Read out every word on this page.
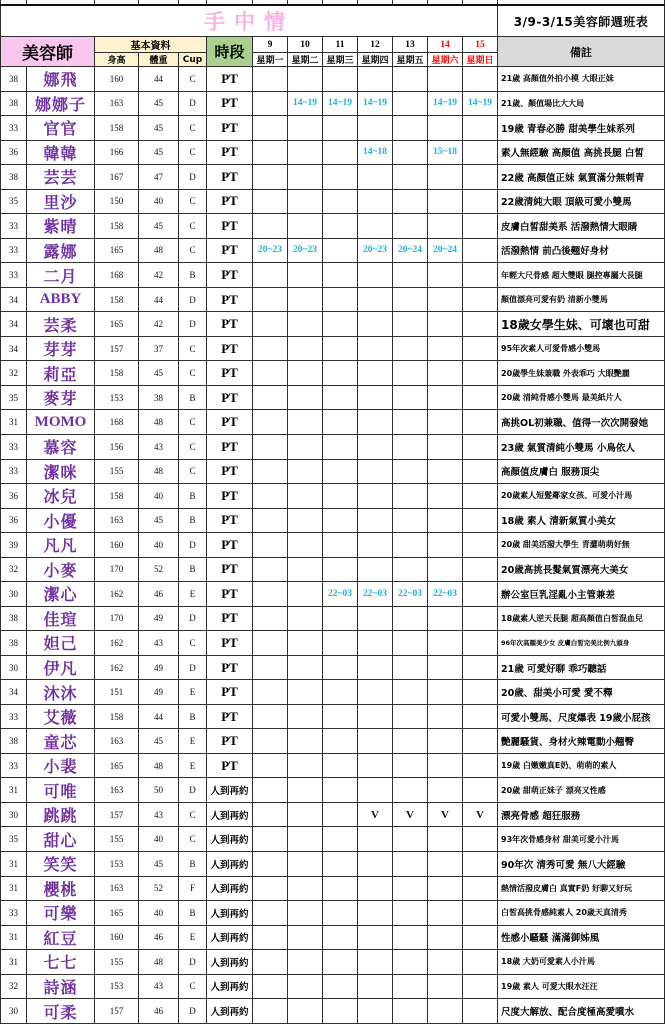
手中情													3/9-3/15美容師週班表
美容師		基本資料			時段	9	10	11	12	13	14	15	備註
		身高	體重	Cup		星期一	星期二	星期三	星期四	星期五	星期六	星期日	
38	娜飛	160	44	C	PT								21歲 高顏值外拍小模 大眼正妹
38	娜娜子	163	45	D	PT		14~19	14~19	14~19		14~19	14~19	21歲、顏值場比大大局
33	官官	158	45	C	PT								19歲 青春必勝 甜美學生妹系列
36	韓韓	166	45	C	PT				14~18		15~18		素人無經驗 高顏值 高挑長腿 白皙
38	芸芸	167	47	D	PT								22歲 高顏值正妹 氣質滿分無刺青
35	里沙	150	40	C	PT								22歲清純大眼 頂級可愛小雙馬
33	紫晴	158	45	C	PT								皮膚白皙甜美系 活潑熱情大眼睛
33	露娜	165	48	C	PT	20~23	20~23		20~23	20~24	20~24		活潑熱情 前凸後翹好身材
33	二月	168	42	B	PT								年輕大尺骨感 超大雙眼 腿控專屬大長腿
34	ABBY	158	44	D	PT								顏值漂亮可愛有奶 清新小雙馬
34	芸柔	165	42	D	PT								18歲女學生妹、可壞也可甜
34	芽芽	157	37	C	PT								95年次素人可愛骨感小雙馬
32	莉亞	158	45	C	PT								20歲學生妹兼職 外表乖巧 大眼艷麗
35	麥芽	153	38	B	PT								20歲 清純骨感小雙馬 最美紙片人
31	MOMO	168	48	C	PT								高挑OL初兼職、值得一次次開發她
33	慕容	156	43	C	PT								23歲 氣質清純小雙馬 小鳥依人
33	潔咪	155	48	C	PT								高顏值皮膚白 服務頂尖
36	冰兒	158	40	B	PT								20歲素人短髮鄰家女孩、可愛小汁馬
36	小優	163	45	B	PT								18歲 素人 清新氣質小美女
39	凡凡	160	40	D	PT								20歲 甜美活潑大學生 青澀萌萌好無
32	小麥	170	52	B	PT								20歲高挑長髮氣質漂亮大美女
30	潔心	162	46	E	PT			22~03	22~03	22~03	22~03		辦公室巨乳淫亂小主管兼差
38	佳瑄	170	49	D	PT								18歲素人逆天長腿 超高顏值白皙混血兒
38	妲己	162	43	C	PT								96年次高顏美少女 皮膚白皙完美比例九頭身
30	伊凡	162	49	D	PT								21歲 可愛好聊 乖巧聽話
34	沐沐	151	49	E	PT								20歲、甜美小可愛 愛不釋
33	艾薇	158	44	B	PT								可愛小雙馬、尺度爆表 19歲小屁孩
38	童芯	163	45	E	PT								艷麗騷貨、身材火辣電動小翹臀
33	小裴	165	48	E	PT								19歲 白嫩嫩真E奶、萌萌的素人
31	可唯	163	50	D	人到再約								20歲 甜萌正妹子 漂亮又性感
30	跳跳	157	43	C	人到再約				V	V	V	V	漂亮骨感 超狂服務
35	甜心	155	40	C	人到再約								93年次骨感身材 甜美可愛小汁馬
31	笑笑	153	45	B	人到再約								90年次 清秀可愛 無八大經驗
31	櫻桃	163	52	F	人到再約								熱情活潑皮膚白 真實F奶 好聊又好玩
33	可樂	165	40	B	人到再約								白皙高挑骨感純素人 20歲天真清秀
31	紅豆	160	46	E	人到再約								性感小騷騷 滿滿御姊風
31	七七	155	48	D	人到再約								18歲 大奶可愛素人小汁馬
32	詩涵	153	43	C	人到再約								19歲 素人 可愛大眼水汪汪
30	可柔	157	46	D	人到再約								尺度大解放、配合度極高愛噴水
